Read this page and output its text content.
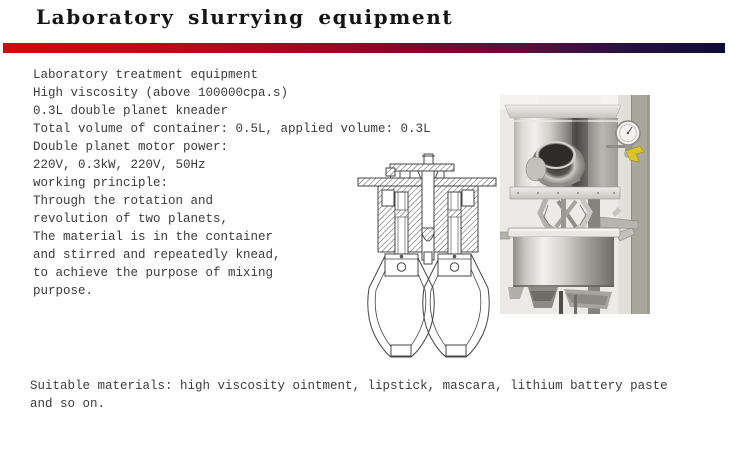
Laboratory slurrying equipment
Laboratory treatment equipment
High viscosity (above 100000cpa.s)
0.3L double planet kneader
Total volume of container: 0.5L, applied volume: 0.3L
Double planet motor power:
220V, 0.3kW, 220V, 50Hz
working principle:
Through the rotation and
revolution of two planets,
The material is in the container
and stirred and repeatedly knead,
to achieve the purpose of mixing
purpose.
Suitable materials: high viscosity ointment, lipstick, mascara, lithium battery paste
and so on.
